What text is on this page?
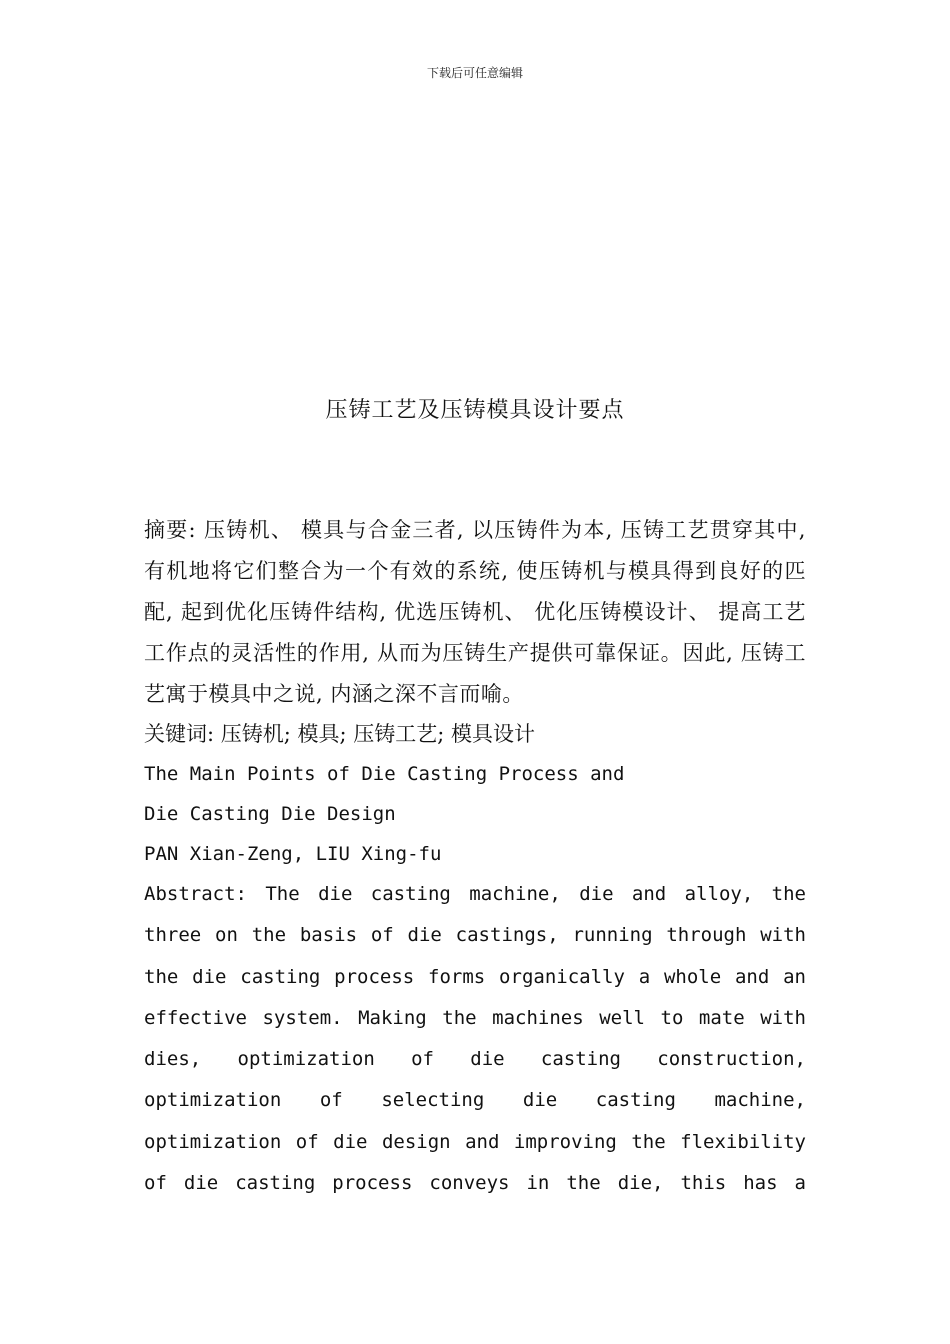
下载后可任意编辑
压铸工艺及压铸模具设计要点
摘要: 压铸机、 模具与合金三者, 以压铸件为本, 压铸工艺贯穿其中, 有机地将它们整合为一个有效的系统, 使压铸机与模具得到良好的匹配, 起到优化压铸件结构, 优选压铸机、 优化压铸模设计、 提高工艺工作点的灵活性的作用, 从而为压铸生产提供可靠保证。因此, 压铸工艺寓于模具中之说, 内涵之深不言而喻。
关键词: 压铸机; 模具; 压铸工艺; 模具设计
The Main Points of Die Casting Process and
Die Casting Die Design
PAN Xian-Zeng, LIU Xing-fu
Abstract: The die casting machine, die and alloy, the three on the basis of die castings, running through with the die casting process forms organically a whole and an effective system. Making the machines well to mate with dies, optimization of die casting construction, optimization of selecting die casting machine, optimization of die design and improving the flexibility of die casting process conveys in the die, this has a
